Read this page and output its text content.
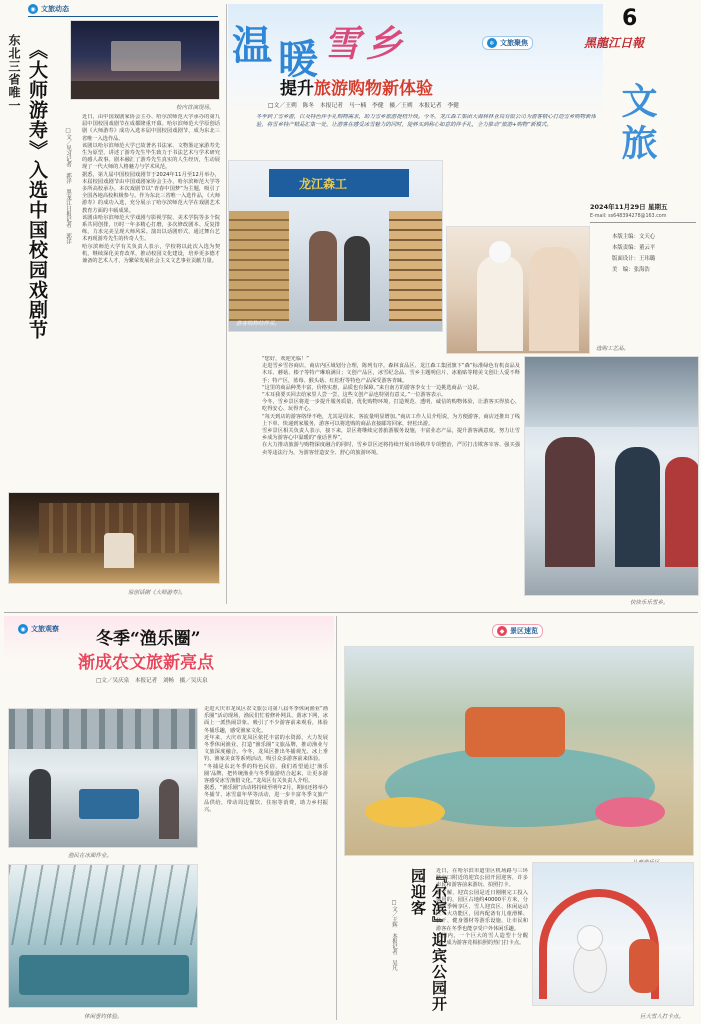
◉ 文旅动态
东北三省唯一 《大师游寿》入选中国校园戏剧节	□文／见习记者　郭洋　黑龙江日报记者　郭洋
校内首演现场。
近日，由中国戏剧家协会主办、哈尔滨师范大学承办的第九届中国校园戏剧节在成都隆重开幕。哈尔滨师范大学原创话剧《大师游寿》成功入选本届中国校园戏剧节，成为东北三省唯一入选作品。
该剧以哈尔滨师范大学已故著名书法家、文物鉴定家游寿先生为原型，讲述了游寿先生毕生致力于书法艺术与学术研究的感人故事。剧本融汇了游寿先生真实的人生经历，生动展现了一代大师的人格魅力与学术风范。
据悉，第九届中国校园戏剧节于2024年11月至12月举办，本届校园戏剧节由中国戏剧家协会主办，哈尔滨师范大学等多所高校承办。本次戏剧节以“青春中国梦”为主题，吸引了全国各地高校积极参与。作为东北三省唯一入选作品，《大师游寿》的成功入选，充分展示了哈尔滨师范大学在戏剧艺术教育方面的丰硕成果。
该剧由哈尔滨师范大学戏剧与影视学院、美术学院等多个院系共同创排，历时一年多精心打磨，多次修改剧本、反复排练，力求完美呈现大师风采。演出以话剧形式，通过舞台艺术再现游寿先生的传奇人生。
哈尔滨师范大学有关负责人表示，学校将以此次入选为契机，继续深化美育改革，推动校园文化建设，培养更多德才兼备的艺术人才，为繁荣发展社会主义文艺事业贡献力量。
原创话剧《大师游寿》。
温 暖 雪 乡	❄ 文旅聚焦
提升旅游购物新体验
□文／王朔　陈冬　本报记者　马一楠　李健　摄／王朔　本报记者　李健
冬季到了雪乡游，以及特色伴手礼购物需求，助力雪乡旅游提档升级。今冬，龙江森工集团大海林林业局有限公司为游客精心打造雪乡购物新体验，将雪乡特产精品汇集一处，让游客在感受冰雪魅力的同时，能够买到称心如意的伴手礼，全力推动“旅游+购物”新模式。
6
黑龍江日報
文旅
2024年11月29日 星期五
E-mail: ss648394278@163.com
本版主编：文天心
本版责编：董云平
版面设计：王玮璐
美　编：张海浩
龙江森工
游客购物结伴买。
选购工艺品。
“您好，欢迎光临！”
走进雪乡雪谷商店，商店内区域划分合理，陈列有序。森林食品区、龙江森工集团旗下“森”标准绿色有机食品及木耳、蘑菇、榛子等特产琳琅满目；文创产品区，冰雪纪念品、雪乡主题明信片、冰箱贴等精美文创让人爱不释手；特产区，蓝莓、猴头菇、红松籽等特色产品深受游客青睐。
“这里的商品种类丰富，价格实惠，品质也有保障。”来自南方的游客李女士一边挑选商品一边说。
“木耳我要买回去给家里人尝一尝，这些文创产品也特别有意义。”一位游客表示。
今冬，雪乡景区将进一步提升服务质量，优化购物环境，打造规范、透明、诚信的购物体验，让游客买得放心、吃得安心、玩得开心。
“每天到店的游客络绎不绝，尤其是周末，客流量明显增加。”商店工作人员介绍说，为方便游客，商店还推出了线上下单、快递到家服务，游客可以将选购的商品直接邮寄回家，轻松出游。
雪乡景区相关负责人表示，接下来，景区将继续完善旅游服务设施，丰富业态产品，提升游客满意度，努力让雪乡成为游客心中温暖的“童话世界”。
在大力推动旅游与购物深度融合的同时，雪乡景区还将持续开展市场秩序专项整治，严厉打击欺客宰客、强买强卖等违法行为，为游客营造安全、舒心的旅游环境。
快快乐乐雪乡。
◉ 文旅观察 冬季“渔乐圈”
渐成农文旅新亮点
□文／吴庆泉　本报记者　刘畅　摄／吴庆泉
渔民在冰面作业。
休闲垂钓体验。
走进大庆市龙凤区农文旅公司第八届冬季休闲渔业“渔乐圈”活动现场，渔民们忙着修补网具、凿冰下网，冰面上一派热闹景象。吸引了不少游客前来观看，体验冬捕乐趣，感受渔家文化。
近年来，大庆市龙凤区依托丰富的水资源，大力发展冬季休闲渔业，打造“渔乐圈”文旅品牌，推动渔业与文旅深度融合。今冬，龙凤区推出冬捕观光、冰上垂钓、渔家美食等系列活动，吸引众多游客前来体验。
“冬捕是东北冬季的特色民俗，我们希望通过‘渔乐圈’品牌，把传统渔业与冬季旅游结合起来，让更多游客感受冰雪渔猎文化。”龙凤区有关负责人介绍。
据悉，“渔乐圈”活动将持续至明年2月，期间还将举办冬捕节、冰雪嘉年华等活动，进一步丰富冬季文旅产品供给，带动周边餐饮、住宿等消费，助力乡村振兴。
◆ 景区速览
『尔滨』迎宾公园开园迎客
□文／王辉　本报记者　吴凡
近日，在哈尔滨市道里区机场路与三环路交口附近的迎宾公园开园迎客，许多市民和游客前来游玩、拍照打卡。
据了解，迎宾公园是近日刚刚完工投入使用的，园区占地约40000平方米，分为四季畅享区、雪人迎宾区、休闲运动区三大功能区，园内配备有儿童滑梯、秋千、健身器材等游乐设施，让市民和游客在冬季也能享受户外休闲乐趣。
公园内，一个巨大的雪人造型十分醒目，成为游客竞相拍照的热门打卡点。
巨大雪人打卡点。
